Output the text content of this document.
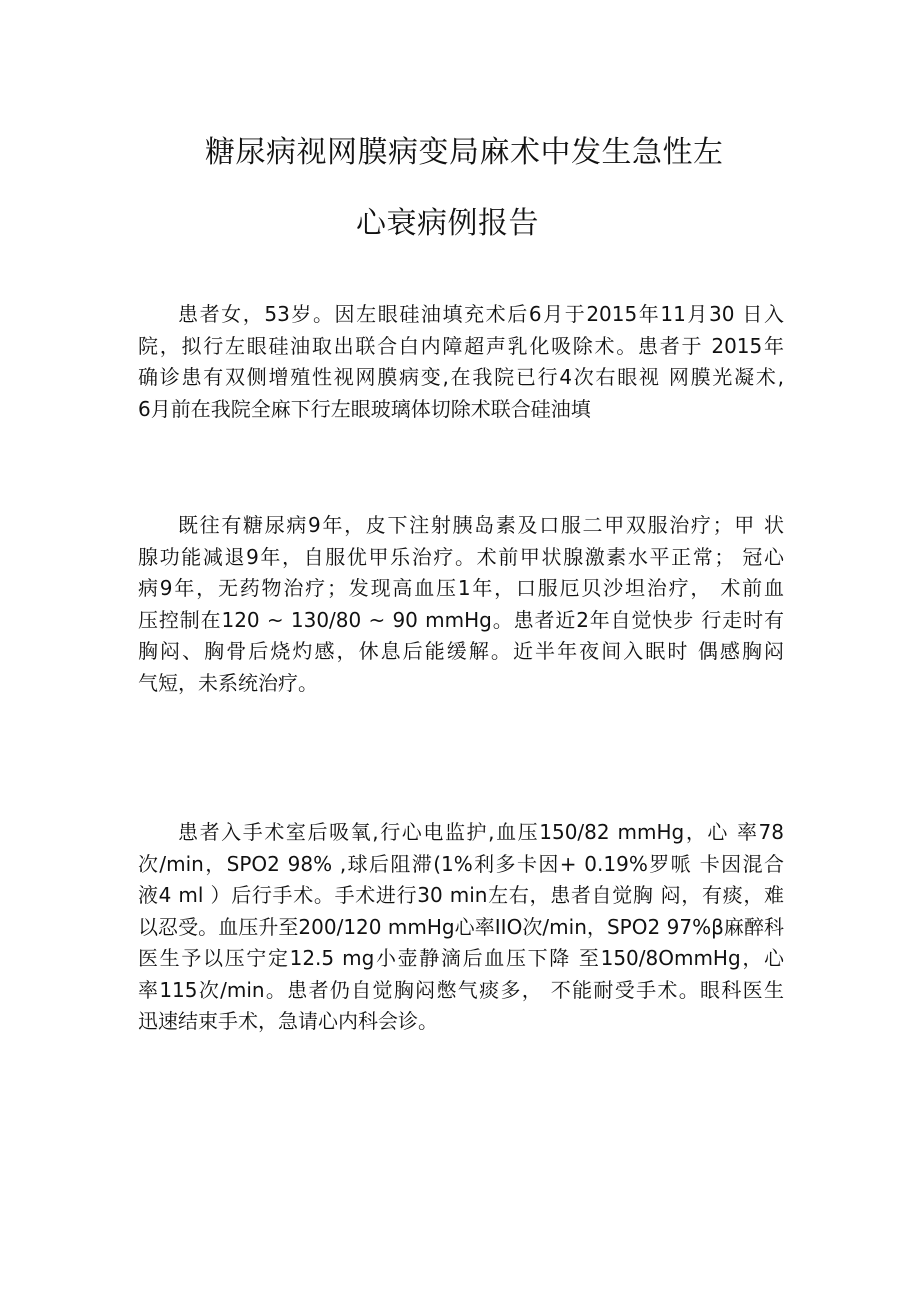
糖尿病视网膜病变局麻术中发生急性左
心衰病例报告
患者女，53岁。因左眼硅油填充术后6月于2015年11月30 日入
院，拟行左眼硅油取出联合白内障超声乳化吸除术。患者于 2015年
确诊患有双侧增殖性视网膜病变,在我院已行4次右眼视 网膜光凝术,
6月前在我院全麻下行左眼玻璃体切除术联合硅油填
既往有糖尿病9年，皮下注射胰岛素及口服二甲双服治疗；甲 状
腺功能减退9年，自服优甲乐治疗。术前甲状腺激素水平正常； 冠心
病9年，无药物治疗；发现高血压1年，口服厄贝沙坦治疗， 术前血
压控制在120 ~ 130/80 ~ 90 mmHg。患者近2年自觉快步 行走时有
胸闷、胸骨后烧灼感，休息后能缓解。近半年夜间入眠时 偶感胸闷
气短，未系统治疗。
患者入手术室后吸氧,行心电监护,血压150/82 mmHg，心 率78
次/min，SPO2 98% ,球后阻滞(1%利多卡因+ 0.19%罗哌 卡因混合
液4 ml ）后行手术。手术进行30 min左右，患者自觉胸 闷，有痰，难
以忍受。血压升至200/120 mmHg心率IIO次/min，SPO2 97%β麻醉科
医生予以压宁定12.5 mg小壶静滴后血压下降 至150/8OmmHg，心
率115次/min。患者仍自觉胸闷憋气痰多， 不能耐受手术。眼科医生
迅速结束手术，急请心内科会诊。
